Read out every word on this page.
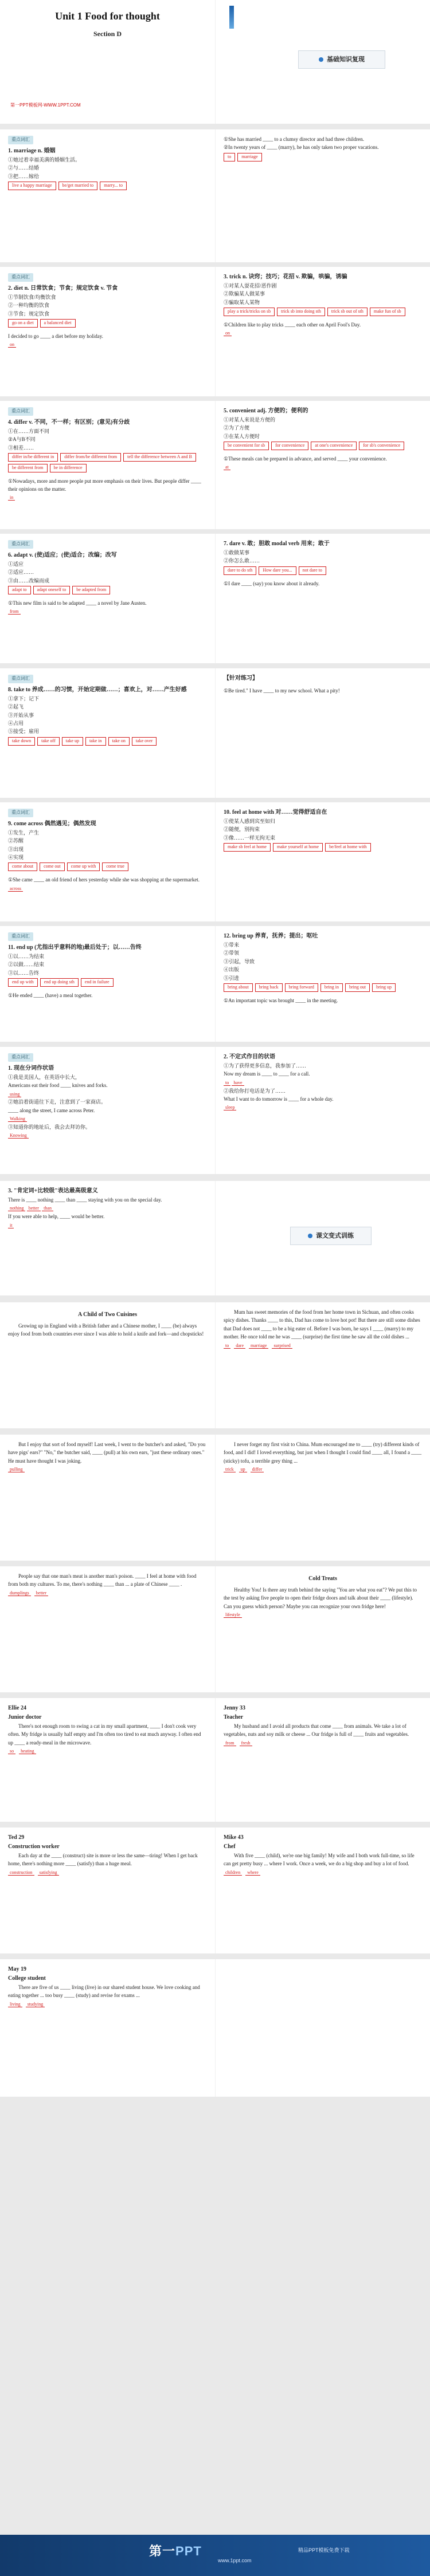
Unit 1 Food for thought
Section D
第一PPT模板网-WWW.1PPT.COM
基础知识复现
重点词汇
1. marriage n. 婚姻
①她过着幸福美满的婚姻生活。
②与……结婚
③把……嫁给
live a happy marriage be/get married to marry... to
①She has married ____ to a clumsy director and had three children.
②In twenty years of ____ (marry), he has only taken two proper vacations.
to marriage
重点词汇
2. diet n. 日常饮食；节食；规定饮食 v. 节食
①节制饮食/均衡饮食
②一种均衡的饮食
③节食；规定饮食
go on a diet a balanced diet
I decided to go ____ a diet before my holiday.
on
3. trick n. 诀窍；技巧；花招 v. 欺骗，哄骗，诱骗
①对某人耍花招/恶作剧
②欺骗某人做某事
③骗取某人某物
play a trick/tricks on sb trick sb into doing sth trick sb out of sth make fun of sb
①Children like to play tricks ____ each other on April Fool's Day.
on
重点词汇
4. differ v. 不同，不一样；有区别；(意见)有分歧
①在……方面不同
②A与B不同
③相差……
differ in/be different in differ from/be different from tell the difference between A and Bbe different from be in difference
①Nowadays, more and more people put more emphasis on their lives. But people differ ____ their opinions on the matter.
in
5. convenient adj. 方便的；便利的
①对某人来说是方便的
②为了方便
③在某人方便时
be convenient for sb for convenience at one's convenience for sb's convenience
①These meals can be prepared in advance, and served ____ your convenience.
at
重点词汇
6. adapt v. (使)适应；(使)适合；改编；改写
①适应
②适应……
③由……改编而成
adapt to adapt oneself to be adapted from
①This new film is said to be adapted ____ a novel by Jane Austen.
from
7. dare v. 敢；胆敢 modal verb 用来；敢于
①敢做某事
②你怎么敢……
dare to do sth How dare you... not dare to
①I dare ____ (say) you know about it already.
重点词汇
8. take to 养成……的习惯，开始定期做……；喜欢上，对……产生好感
①拿下；记下
②起飞
③开始从事
④占用
⑤接受；雇用
take down take off take up take in take on take over
【针对练习】
①Be tired." I have ____ to my new school. What a pity!
重点词汇
9. come across 偶然遇见；偶然发现
①发生，产生
②苏醒
③出现
④实现
come about come out come up with come true
①She came ____ an old friend of hers yesterday while she was shopping at the supermarket.
across
10. feel at home with 对……觉得舒适自在
①使某人感到宾至如归
②随便，别拘束
③像……一样无拘无束
make sb feel at home make yourself at home be/feel at home with
重点词汇
11. end up (尤指出乎意料的地)最后处于；以……告终
①以……为结束
②以做……结束
③以……告终
end up with end up doing sth end in failure
①He ended ____ (have) a meal together.
12. bring up 养育，抚养；提出；呕吐
①带来
②带领
③引起，导致
④出版
⑤引进
bring about bring back bring forward bring in bring out bring up
①An important topic was brought ____ in the meeting.
重点词汇
1. 现在分词作状语
①我是美国人，在英语中长大，
Americans eat their food ____ knives and forks.
using
②她沿着街道往下走，注意到了一家商店。
____ along the street, I came across Peter.
Walking
③知道你的地址后，我会去拜访你。
Knowing
2. 不定式作目的状语
①为了获得更多信息，我参加了……
Now my dream is ____ to ____ for a call.
to have
②我给你打电话是为了……
What I want to do tomorrow is ____ for a whole day.
sleep
3. "肯定词+比较级"表达最高级意义
There is ____ nothing ____ than ____ staying with you on the special day.
nothing better than
If you were able to help, ____ would be better.
it
课文变式训练
A Child of Two Cuisines
Growing up in England with a British father and a Chinese mother, I ____ (be) always enjoy food from both countries ever since I was able to hold a knife and fork—and chopsticks!
Mum has sweet memories of the food from her home town in Sichuan, and often cooks spicy dishes. Thanks ____ to this, Dad has come to love hot pot! But there are still some dishes that Dad does not ____ to be a big eater of. Before I was born, he says I ____ (marry) to my mother. He once told me he was ____ (surprise) the first time he saw all the cold dishes ...
to dare marriage surprised
But I enjoy that sort of food myself! Last week, I went to the butcher's and asked, "Do you have pigs' ears?" "No," the butcher said, ____ (pull) at his own ears, "just these ordinary ones." He must have thought I was joking.
pulling
I never forget my first visit to China. Mum encouraged me to ____ (try) different kinds of food, and I did! I loved everything, but just when I thought I could find ____ all, I found a ____ (sticky) tofu, a terrible grey thing ...
trick up differ
People say that one man's meat is another man's poison. ____ I feel at home with food from both my cultures. To me, there's nothing ____ than ... a plate of Chinese ____ .
dumplings better
Cold Treats
Healthy You! Is there any truth behind the saying "You are what you eat"? We put this to the test by asking five people to open their fridge doors and talk about their ____ (lifestyle). Can you guess which person? Maybe you can recognize your own fridge here!
lifestyle
Ellie 24
Junior doctor
There's not enough room to swing a cat in my small apartment, ____ I don't cook very often. My fridge is usually half empty and I'm often too tired to eat much anyway. I often end up ____ a ready-meal in the microwave.
so heating
Jenny 33
Teacher
My husband and I avoid all products that come ____ from animals. We take a lot of vegetables, nuts and soy milk or cheese ... Our fridge is full of ____ fruits and vegetables.
from fresh
Ted 29
Construction worker
Each day at the ____ (construct) site is more or less the same—tiring! When I get back home, there's nothing more ____ (satisfy) than a huge meal.
construction satisfying
Mike 43
Chef
With five ____ (child), we're one big family! My wife and I both work full-time, so life can get pretty busy ... where I work. Once a week, we do a big shop and buy a lot of food.
children where
May 19
College student
There are five of us ____ living (live) in our shared student house. We love cooking and eating together ... too busy ____ (study) and revise for exams ...
living studying
第一PPT
www.1ppt.com
精品PPT模板免费下载
